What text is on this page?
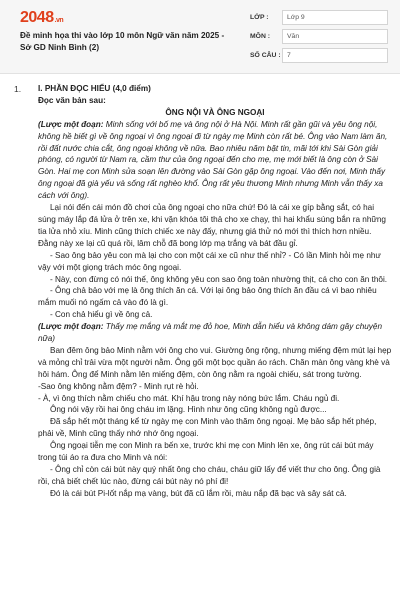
2048.vn
Đề minh họa thi vào lớp 10 môn Ngữ văn năm 2025 - Sở GD Ninh Bình (2)
LỚP :	Lớp 9
MÔN :	Văn
SỐ CÂU : 7
1. I. PHẦN ĐỌC HIỂU (4,0 điểm)

Đọc văn bản sau:

ÔNG NỘI VÀ ÔNG NGOẠI

(Lược một đoạn: Minh sống với bố mẹ và ông nội ở Hà Nội. Minh rất gần gũi và yêu ông nội, không hề biết gì về ông ngoại vì ông ngoại đi từ ngày mẹ Minh còn rất bé. Ông vào Nam làm ăn, rồi đất nước chia cắt, ông ngoại không về nữa. Bao nhiêu năm bặt tin, mãi tới khi Sài Gòn giải phóng, có người từ Nam ra, cầm thư của ông ngoại đến cho mẹ, mẹ mới biết là ông còn ở Sài Gòn. Hai mẹ con Minh sửa soạn lên đường vào Sài Gòn gặp ông ngoại. Vào đến nơi, Minh thấy ông ngoại đã già yếu và sống rất nghèo khổ. Ông rất yêu thương Minh nhưng Minh vẫn thấy xa cách với ông).

Lại nói đến cái món đồ chơi của ông ngoại cho nữa chứ! Đó là cái xe gíp bằng sắt, có hai súng máy lắp đá lửa ở trên xe, khi vặn khóa tôi thả cho xe chạy, thì hai khẩu súng bắn ra những tia lửa nhỏ xíu. Minh cũng thích chiếc xe này đấy, nhưng giá thử nó mới thì thích hơn nhiều. Đằng này xe lại cũ quá rồi, lâm chỗ đã bong lớp mạ trắng và bát đầu gỉ.

- Sao ông bảo yêu con mà lại cho con một cái xe cũ như thế nhỉ? - Có lần Minh hỏi mẹ như vậy với một giọng trách móc ông ngoại.

- Này, con đừng có nói thế, ông không yêu con sao ông toàn nhường thịt, cá cho con ăn thôi.

- Ông chả bảo với mẹ là ông thích ăn cá. Với lại ông bảo ông thích ăn đầu cá vì bao nhiêu mắm muối nó ngấm cả vào đó là gì.

- Con chả hiểu gì về ông cả.

(Lược một đoạn: Thấy mẹ mắng và mắt mẹ đỏ hoe, Minh dẫn hiểu và không dám gây chuyện nữa)

Ban đêm ông bảo Minh nằm với ông cho vui. Giường ông rộng, nhưng miếng đệm mút lại hẹp và mỏng chỉ trải vừa một người nằm. Ông gối một bọc quần áo rách. Chăn màn ông vàng khè và hôi hám. Ông để Minh nằm lên miếng đệm, còn ông nằm ra ngoài chiếu, sát trong tường.

-Sao ông không nằm đệm? - Minh rụt rè hỏi.

- À, vì ông thích nằm chiếu cho mát. Khí hậu trong này nóng bức lắm. Cháu ngủ đi.

Ông nói vậy rồi hai ông cháu im lặng. Hình như ông cũng không ngủ được...

Đã sắp hết một tháng kể từ ngày mẹ con Minh vào thăm ông ngoại. Mẹ bảo sắp hết phép, phải về, Minh cũng thấy nhớ nhớ ông ngoại.

Ông ngoại tiễn mẹ con Minh ra bến xe, trước khi mẹ con Minh lên xe, ông rút cái bút máy trong túi áo ra đưa cho Minh và nói:

- Ông chỉ còn cái bút này quý nhất ông cho cháu, cháu giữ lấy để viết thư cho ông. Ông già rồi, chả biết chết lúc nào, đừng cái bút này nó phí đi!

Đó là cái bút Pi-lốt nắp mạ vàng, bút đã cũ lắm rồi, màu nắp đã bạc và sây sát cả.
